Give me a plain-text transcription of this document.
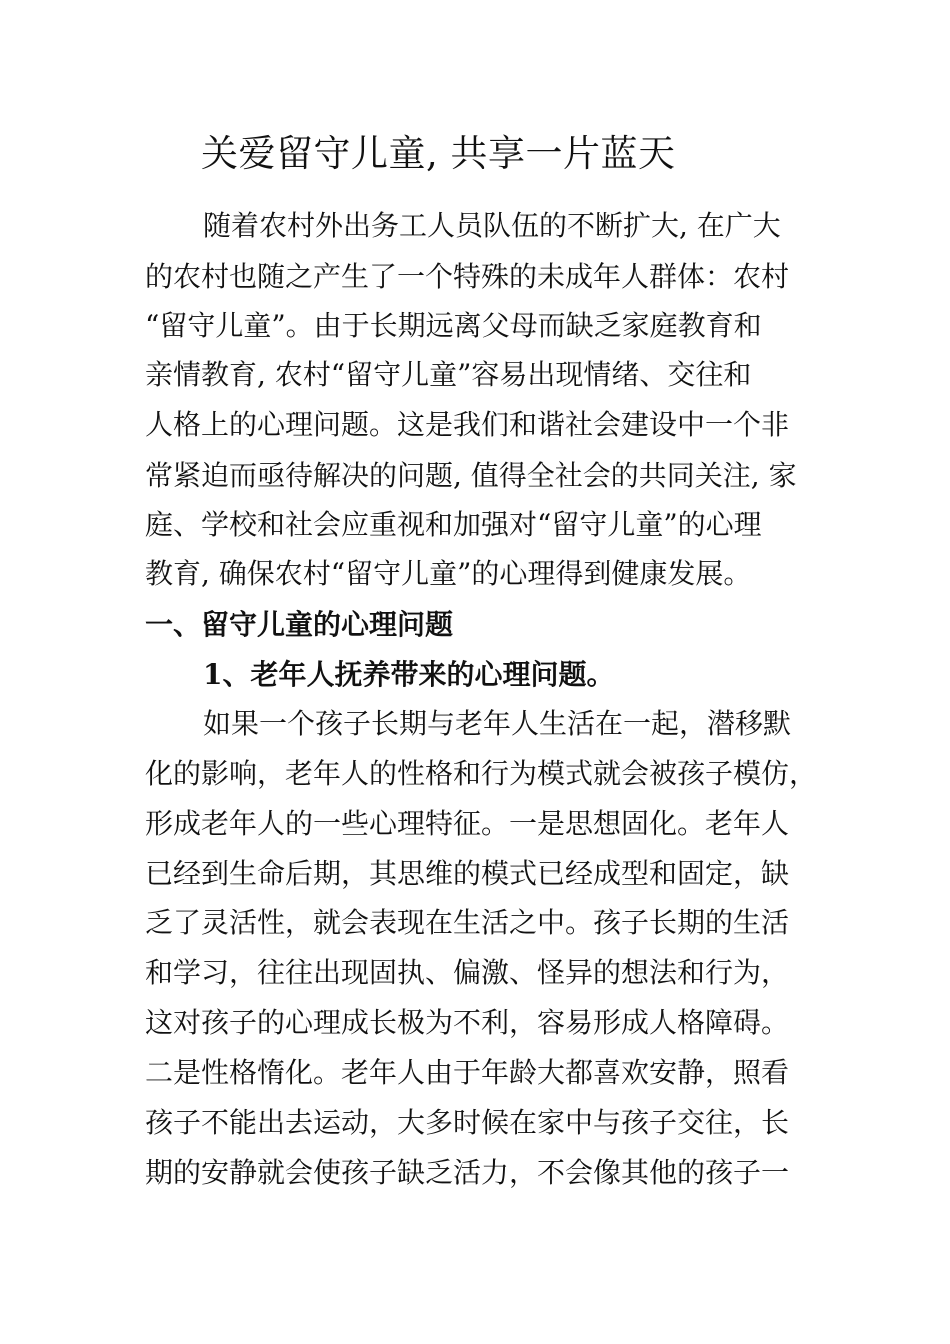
关爱留守儿童, 共享一片蓝天
随着农村外出务工人员队伍的不断扩大, 在广大
的农村也随之产生了一个特殊的未成年人群体：农村
“留守儿童”。由于长期远离父母而缺乏家庭教育和
亲情教育, 农村“留守儿童”容易出现情绪、交往和
人格上的心理问题。这是我们和谐社会建设中一个非
常紧迫而亟待解决的问题, 值得全社会的共同关注, 家
庭、学校和社会应重视和加强对“留守儿童”的心理
教育, 确保农村“留守儿童”的心理得到健康发展。
一、留守儿童的心理问题
1、老年人抚养带来的心理问题。
如果一个孩子长期与老年人生活在一起，潜移默
化的影响，老年人的性格和行为模式就会被孩子模仿，
形成老年人的一些心理特征。一是思想固化。老年人
已经到生命后期，其思维的模式已经成型和固定，缺
乏了灵活性，就会表现在生活之中。孩子长期的生活
和学习，往往出现固执、偏激、怪异的想法和行为，
这对孩子的心理成长极为不利，容易形成人格障碍。
二是性格惰化。老年人由于年龄大都喜欢安静，照看
孩子不能出去运动，大多时候在家中与孩子交往，长
期的安静就会使孩子缺乏活力，不会像其他的孩子一
